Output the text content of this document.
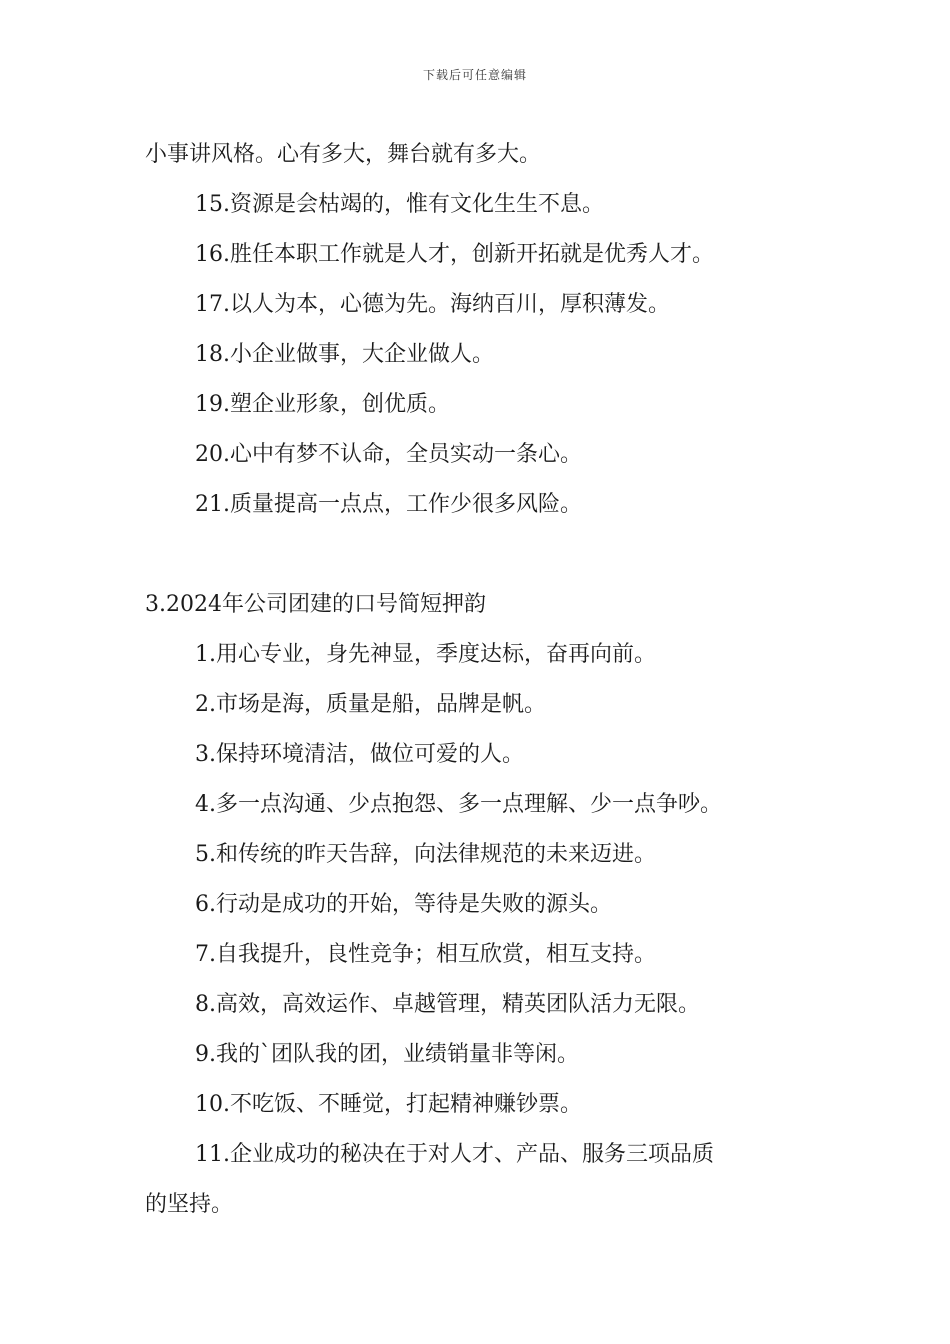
下载后可任意编辑
小事讲风格。心有多大，舞台就有多大。
15.资源是会枯竭的，惟有文化生生不息。
16.胜任本职工作就是人才，创新开拓就是优秀人才。
17.以人为本，心德为先。海纳百川，厚积薄发。
18.小企业做事，大企业做人。
19.塑企业形象，创优质。
20.心中有梦不认命，全员实动一条心。
21.质量提高一点点，工作少很多风险。
3.2024年公司团建的口号简短押韵
1.用心专业，身先神显，季度达标，奋再向前。
2.市场是海，质量是船，品牌是帆。
3.保持环境清洁，做位可爱的人。
4.多一点沟通、少点抱怨、多一点理解、少一点争吵。
5.和传统的昨天告辞，向法律规范的未来迈进。
6.行动是成功的开始，等待是失败的源头。
7.自我提升，良性竞争；相互欣赏，相互支持。
8.高效，高效运作、卓越管理，精英团队活力无限。
9.我的`团队我的团，业绩销量非等闲。
10.不吃饭、不睡觉，打起精神赚钞票。
11.企业成功的秘决在于对人才、产品、服务三项品质
的坚持。
